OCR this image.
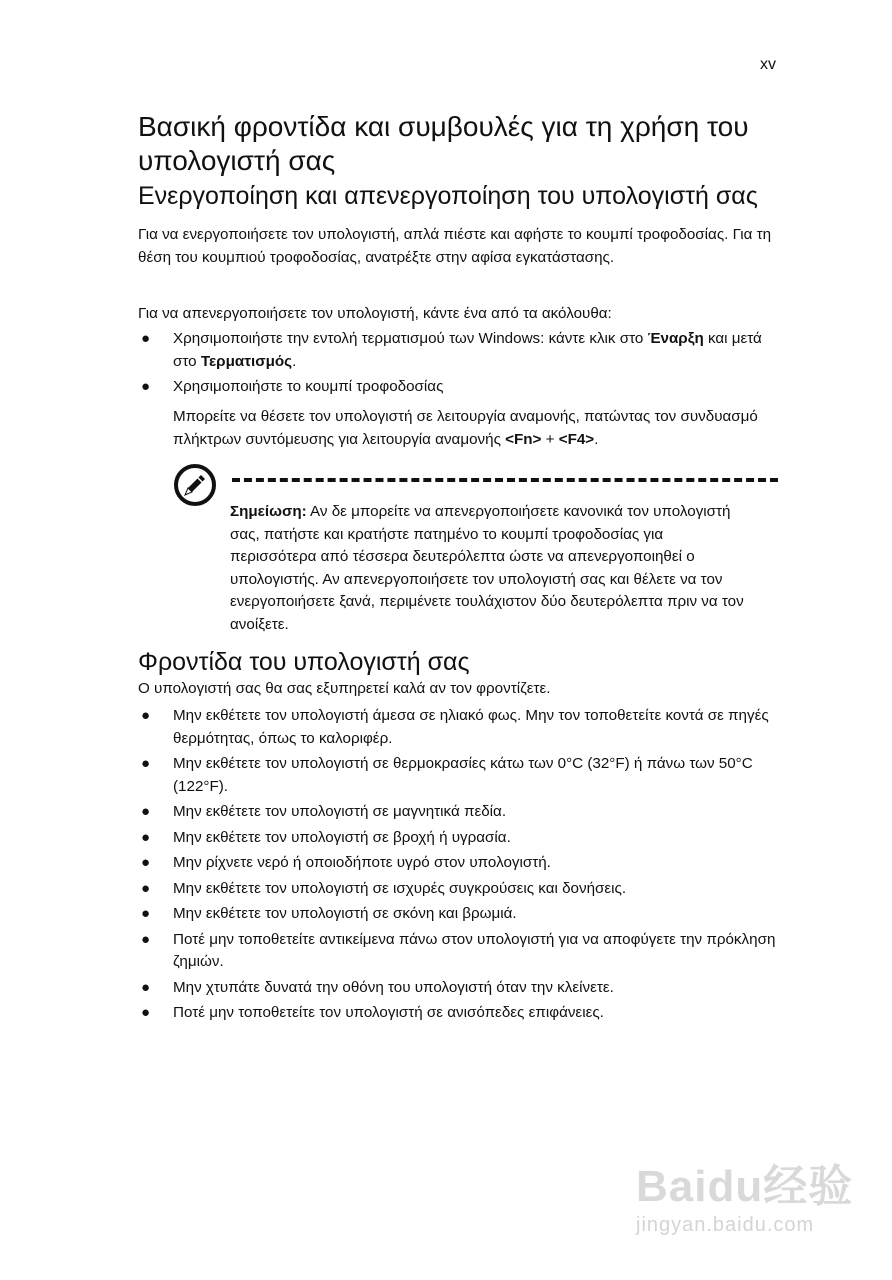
xv
Βασική φροντίδα και συμβουλές για τη χρήση του υπολογιστή σας
Ενεργοποίηση και απενεργοποίηση του υπολογιστή σας

Για να ενεργοποιήσετε τον υπολογιστή, απλά πιέστε και αφήστε το κουμπί τροφοδοσίας. Για τη θέση του κουμπιού τροφοδοσίας, ανατρέξτε στην αφίσα εγκατάστασης.

Για να απενεργοποιήσετε τον υπολογιστή, κάντε ένα από τα ακόλουθα:

● Χρησιμοποιήστε την εντολή τερματισμού των Windows: κάντε κλικ στο Έναρξη και μετά στο Τερματισμός.
● Χρησιμοποιήστε το κουμπί τροφοδοσίας

Μπορείτε να θέσετε τον υπολογιστή σε λειτουργία αναμονής, πατώντας τον συνδυασμό πλήκτρων συντόμευσης για λειτουργία αναμονής <Fn> + <F4>.

Σημείωση: Αν δε μπορείτε να απενεργοποιήσετε κανονικά τον υπολογιστή σας, πατήστε και κρατήστε πατημένο το κουμπί τροφοδοσίας για περισσότερα από τέσσερα δευτερόλεπτα ώστε να απενεργοποιηθεί ο υπολογιστής. Αν απενεργοποιήσετε τον υπολογιστή σας και θέλετε να τον ενεργοποιήσετε ξανά, περιμένετε τουλάχιστον δύο δευτερόλεπτα πριν να τον ανοίξετε.

Φροντίδα του υπολογιστή σας

Ο υπολογιστή σας θα σας εξυπηρετεί καλά αν τον φροντίζετε.

● Μην εκθέτετε τον υπολογιστή άμεσα σε ηλιακό φως. Μην τον τοποθετείτε κοντά σε πηγές θερμότητας, όπως το καλοριφέρ.
● Μην εκθέτετε τον υπολογιστή σε θερμοκρασίες κάτω των 0°C (32°F) ή πάνω των 50°C (122°F).
● Μην εκθέτετε τον υπολογιστή σε μαγνητικά πεδία.
● Μην εκθέτετε τον υπολογιστή σε βροχή ή υγρασία.
● Μην ρίχνετε νερό ή οποιοδήποτε υγρό στον υπολογιστή.
● Μην εκθέτετε τον υπολογιστή σε ισχυρές συγκρούσεις και δονήσεις.
● Μην εκθέτετε τον υπολογιστή σε σκόνη και βρωμιά.
● Ποτέ μην τοποθετείτε αντικείμενα πάνω στον υπολογιστή για να αποφύγετε την πρόκληση ζημιών.
● Μην χτυπάτε δυνατά την οθόνη του υπολογιστή όταν την κλείνετε.
● Ποτέ μην τοποθετείτε τον υπολογιστή σε ανισόπεδες επιφάνειες.
Baidu经验
jingyan.baidu.com
